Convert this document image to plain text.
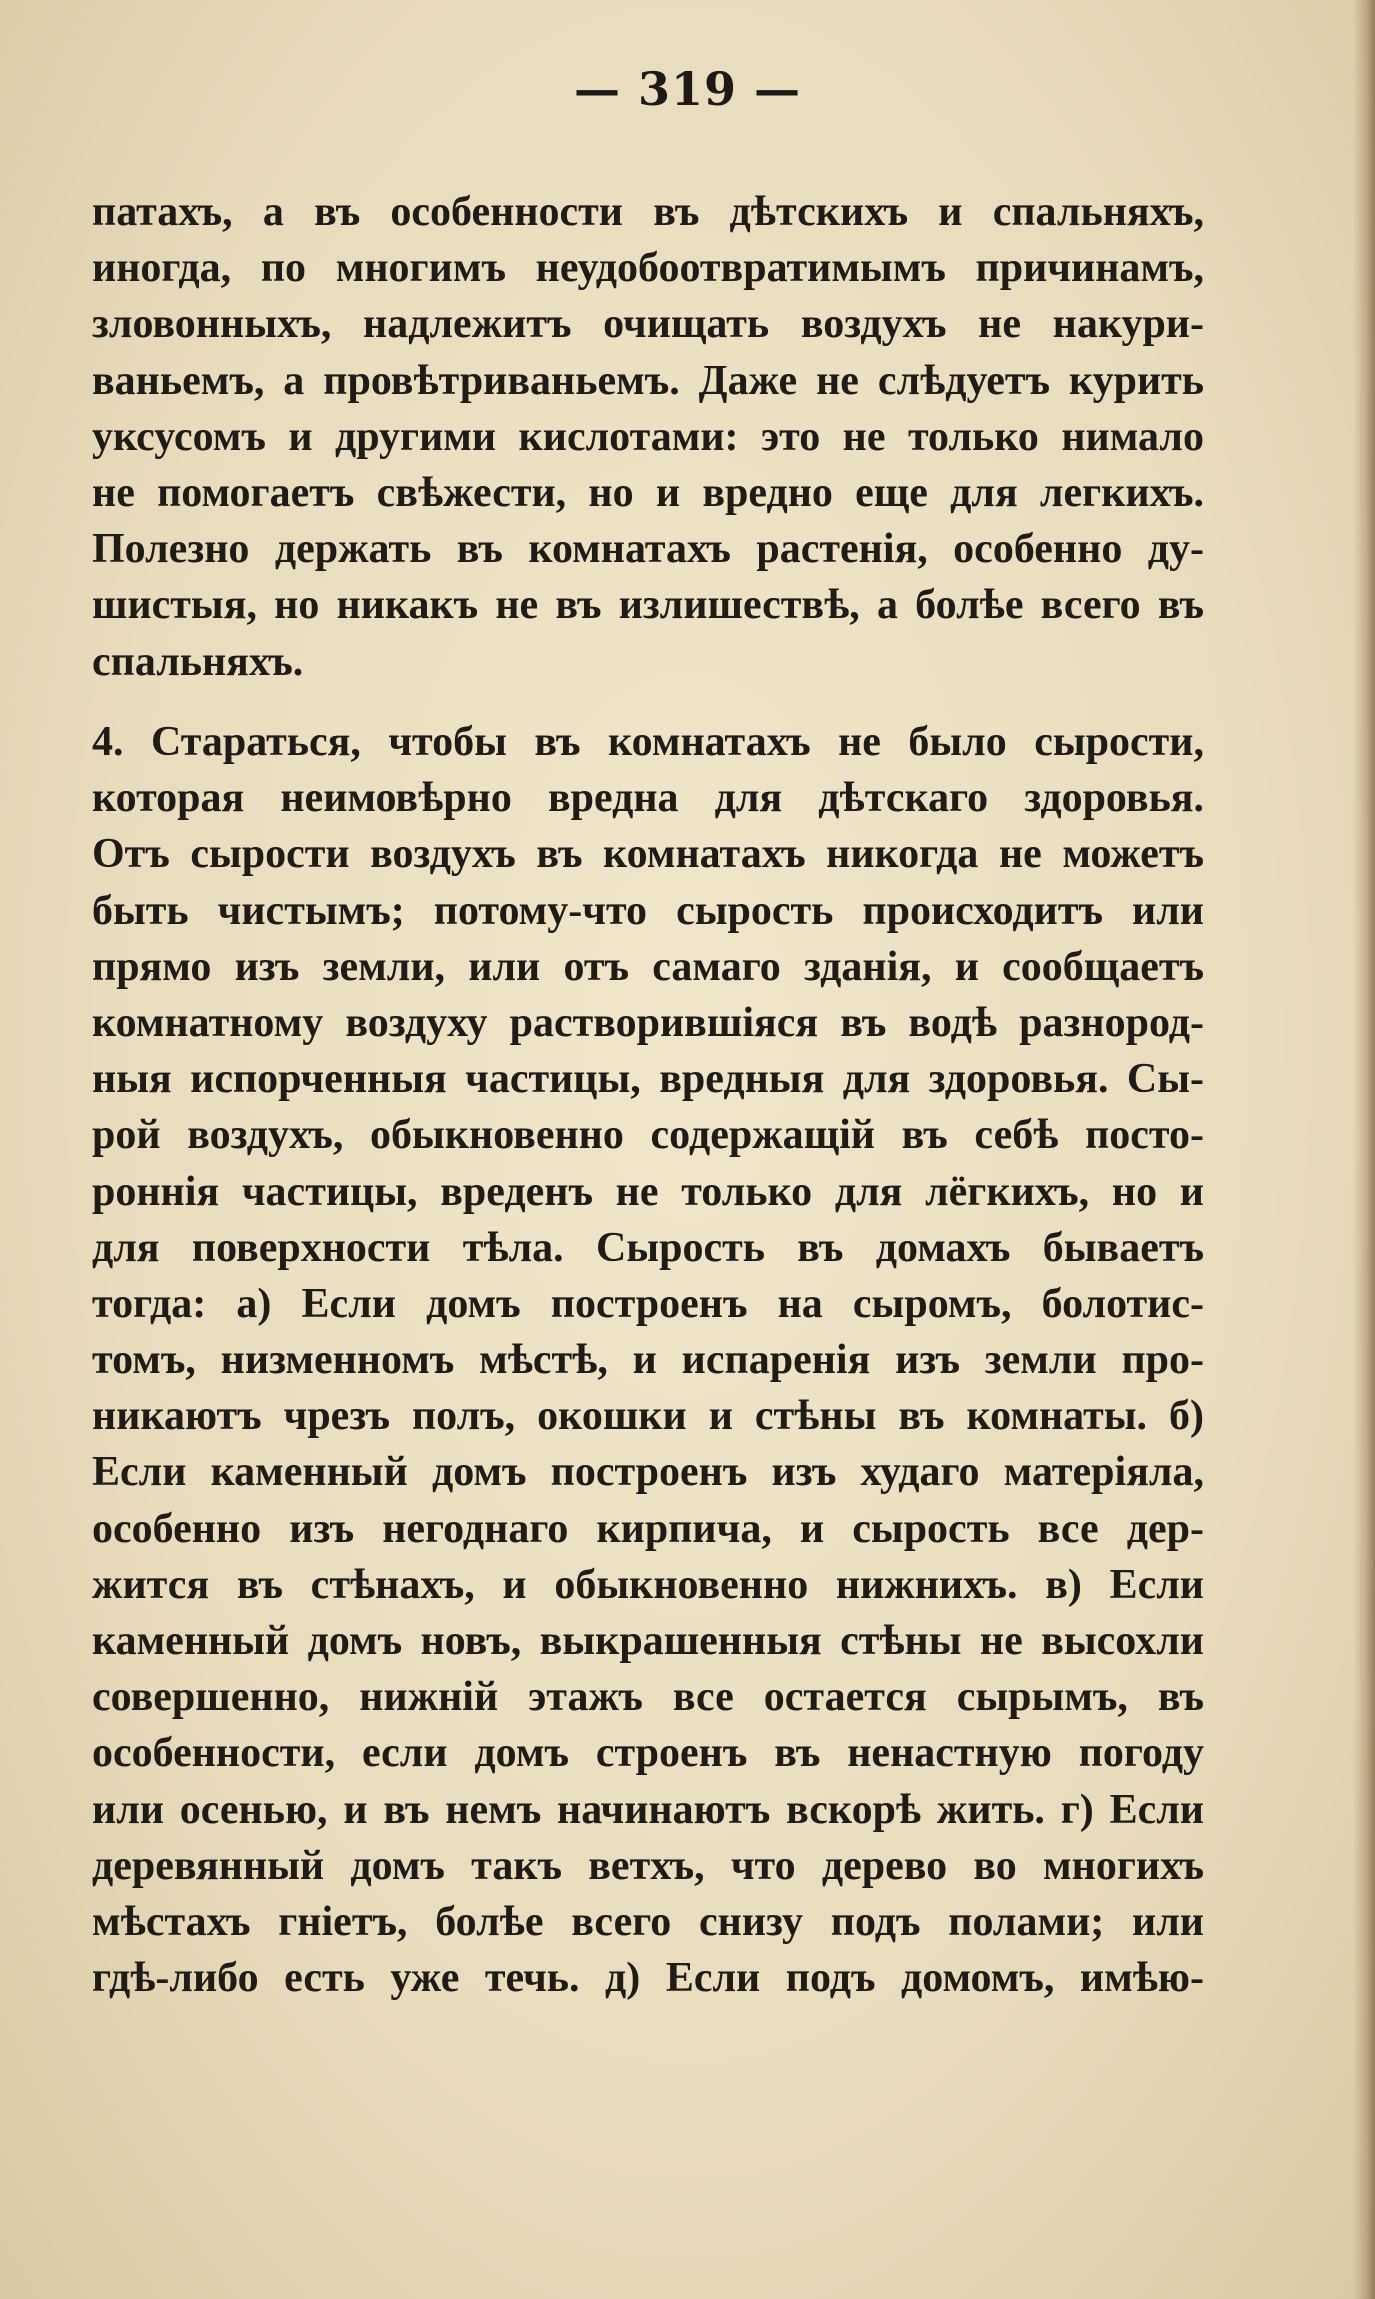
— 319 —
патахъ, а въ особенности въ дѣтскихъ и спальняхъ,
иногда, по многимъ неудобоотвратимымъ причинамъ,
зловонныхъ, надлежитъ очищать воздухъ не накури-
ваньемъ, а провѣтриваньемъ. Даже не слѣдуетъ курить
уксусомъ и другими кислотами: это не только нимало
не помогаетъ свѣжести, но и вредно еще для легкихъ.
Полезно держать въ комнатахъ растенія, особенно ду-
шистыя, но никакъ не въ излишествѣ, а болѣе всего въ
спальняхъ.
4. Стараться, чтобы въ комнатахъ не было сырости,
которая неимовѣрно вредна для дѣтскаго здоровья.
Отъ сырости воздухъ въ комнатахъ никогда не можетъ
быть чистымъ; потому-что сырость происходитъ или
прямо изъ земли, или отъ самаго зданія, и сообщаетъ
комнатному воздуху растворившіяся въ водѣ разнород-
ныя испорченныя частицы, вредныя для здоровья. Сы-
рой воздухъ, обыкновенно содержащій въ себѣ посто-
роннія частицы, вреденъ не только для лёгкихъ, но и
для поверхности тѣла. Сырость въ домахъ бываетъ
тогда: а) Если домъ построенъ на сыромъ, болотис-
томъ, низменномъ мѣстѣ, и испаренія изъ земли про-
никаютъ чрезъ полъ, окошки и стѣны въ комнаты. б)
Если каменный домъ построенъ изъ худаго матеріяла,
особенно изъ негоднаго кирпича, и сырость все дер-
жится въ стѣнахъ, и обыкновенно нижнихъ. в) Если
каменный домъ новъ, выкрашенныя стѣны не высохли
совершенно, нижній этажъ все остается сырымъ, въ
особенности, если домъ строенъ въ ненастную погоду
или осенью, и въ немъ начинаютъ вскорѣ жить. г) Если
деревянный домъ такъ ветхъ, что дерево во многихъ
мѣстахъ гніетъ, болѣе всего снизу подъ полами; или
гдѣ-либо есть уже течь. д) Если подъ домомъ, имѣю-
